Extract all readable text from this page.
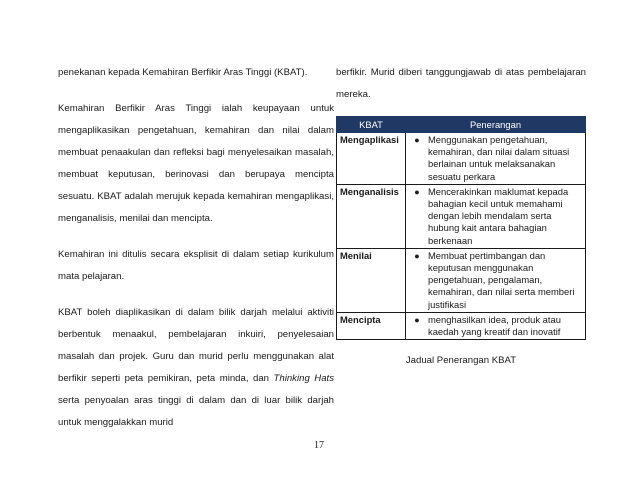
penekanan kepada Kemahiran Berfikir Aras Tinggi (KBAT).

Kemahiran Berfikir Aras Tinggi ialah keupayaan untuk mengaplikasikan pengetahuan, kemahiran dan nilai dalam membuat penaakulan dan refleksi bagi menyelesaikan masalah, membuat keputusan, berinovasi dan berupaya mencipta sesuatu. KBAT adalah merujuk kepada kemahiran mengaplikasi, menganalisis, menilai dan mencipta.

Kemahiran ini ditulis secara eksplisit di dalam setiap kurikulum mata pelajaran.

KBAT boleh diaplikasikan di dalam bilik darjah melalui aktiviti berbentuk menaakul, pembelajaran inkuiri, penyelesaian masalah dan projek. Guru dan murid perlu menggunakan alat berfikir seperti peta pemikiran, peta minda, dan Thinking Hats serta penyoalan aras tinggi di dalam dan di luar bilik darjah untuk menggalakkan murid

berfikir. Murid diberi tanggungjawab di atas pembelajaran mereka.

KBAT	Penerangan
Mengaplikasi	● Menggunakan pengetahuan, kemahiran, dan nilai dalam situasi berlainan untuk melaksanakan sesuatu perkara

Menganalisis	● Mencerakinkan maklumat kepada bahagian kecil untuk memahami dengan lebih mendalam serta hubung kait antara bahagian berkenaan

Menilai	● Membuat pertimbangan dan keputusan menggunakan pengetahuan, pengalaman, kemahiran, dan nilai serta memberi justifikasi

Mencipta	● menghasilkan idea, produk atau kaedah yang kreatif dan inovatif
Jadual Penerangan KBAT
17
